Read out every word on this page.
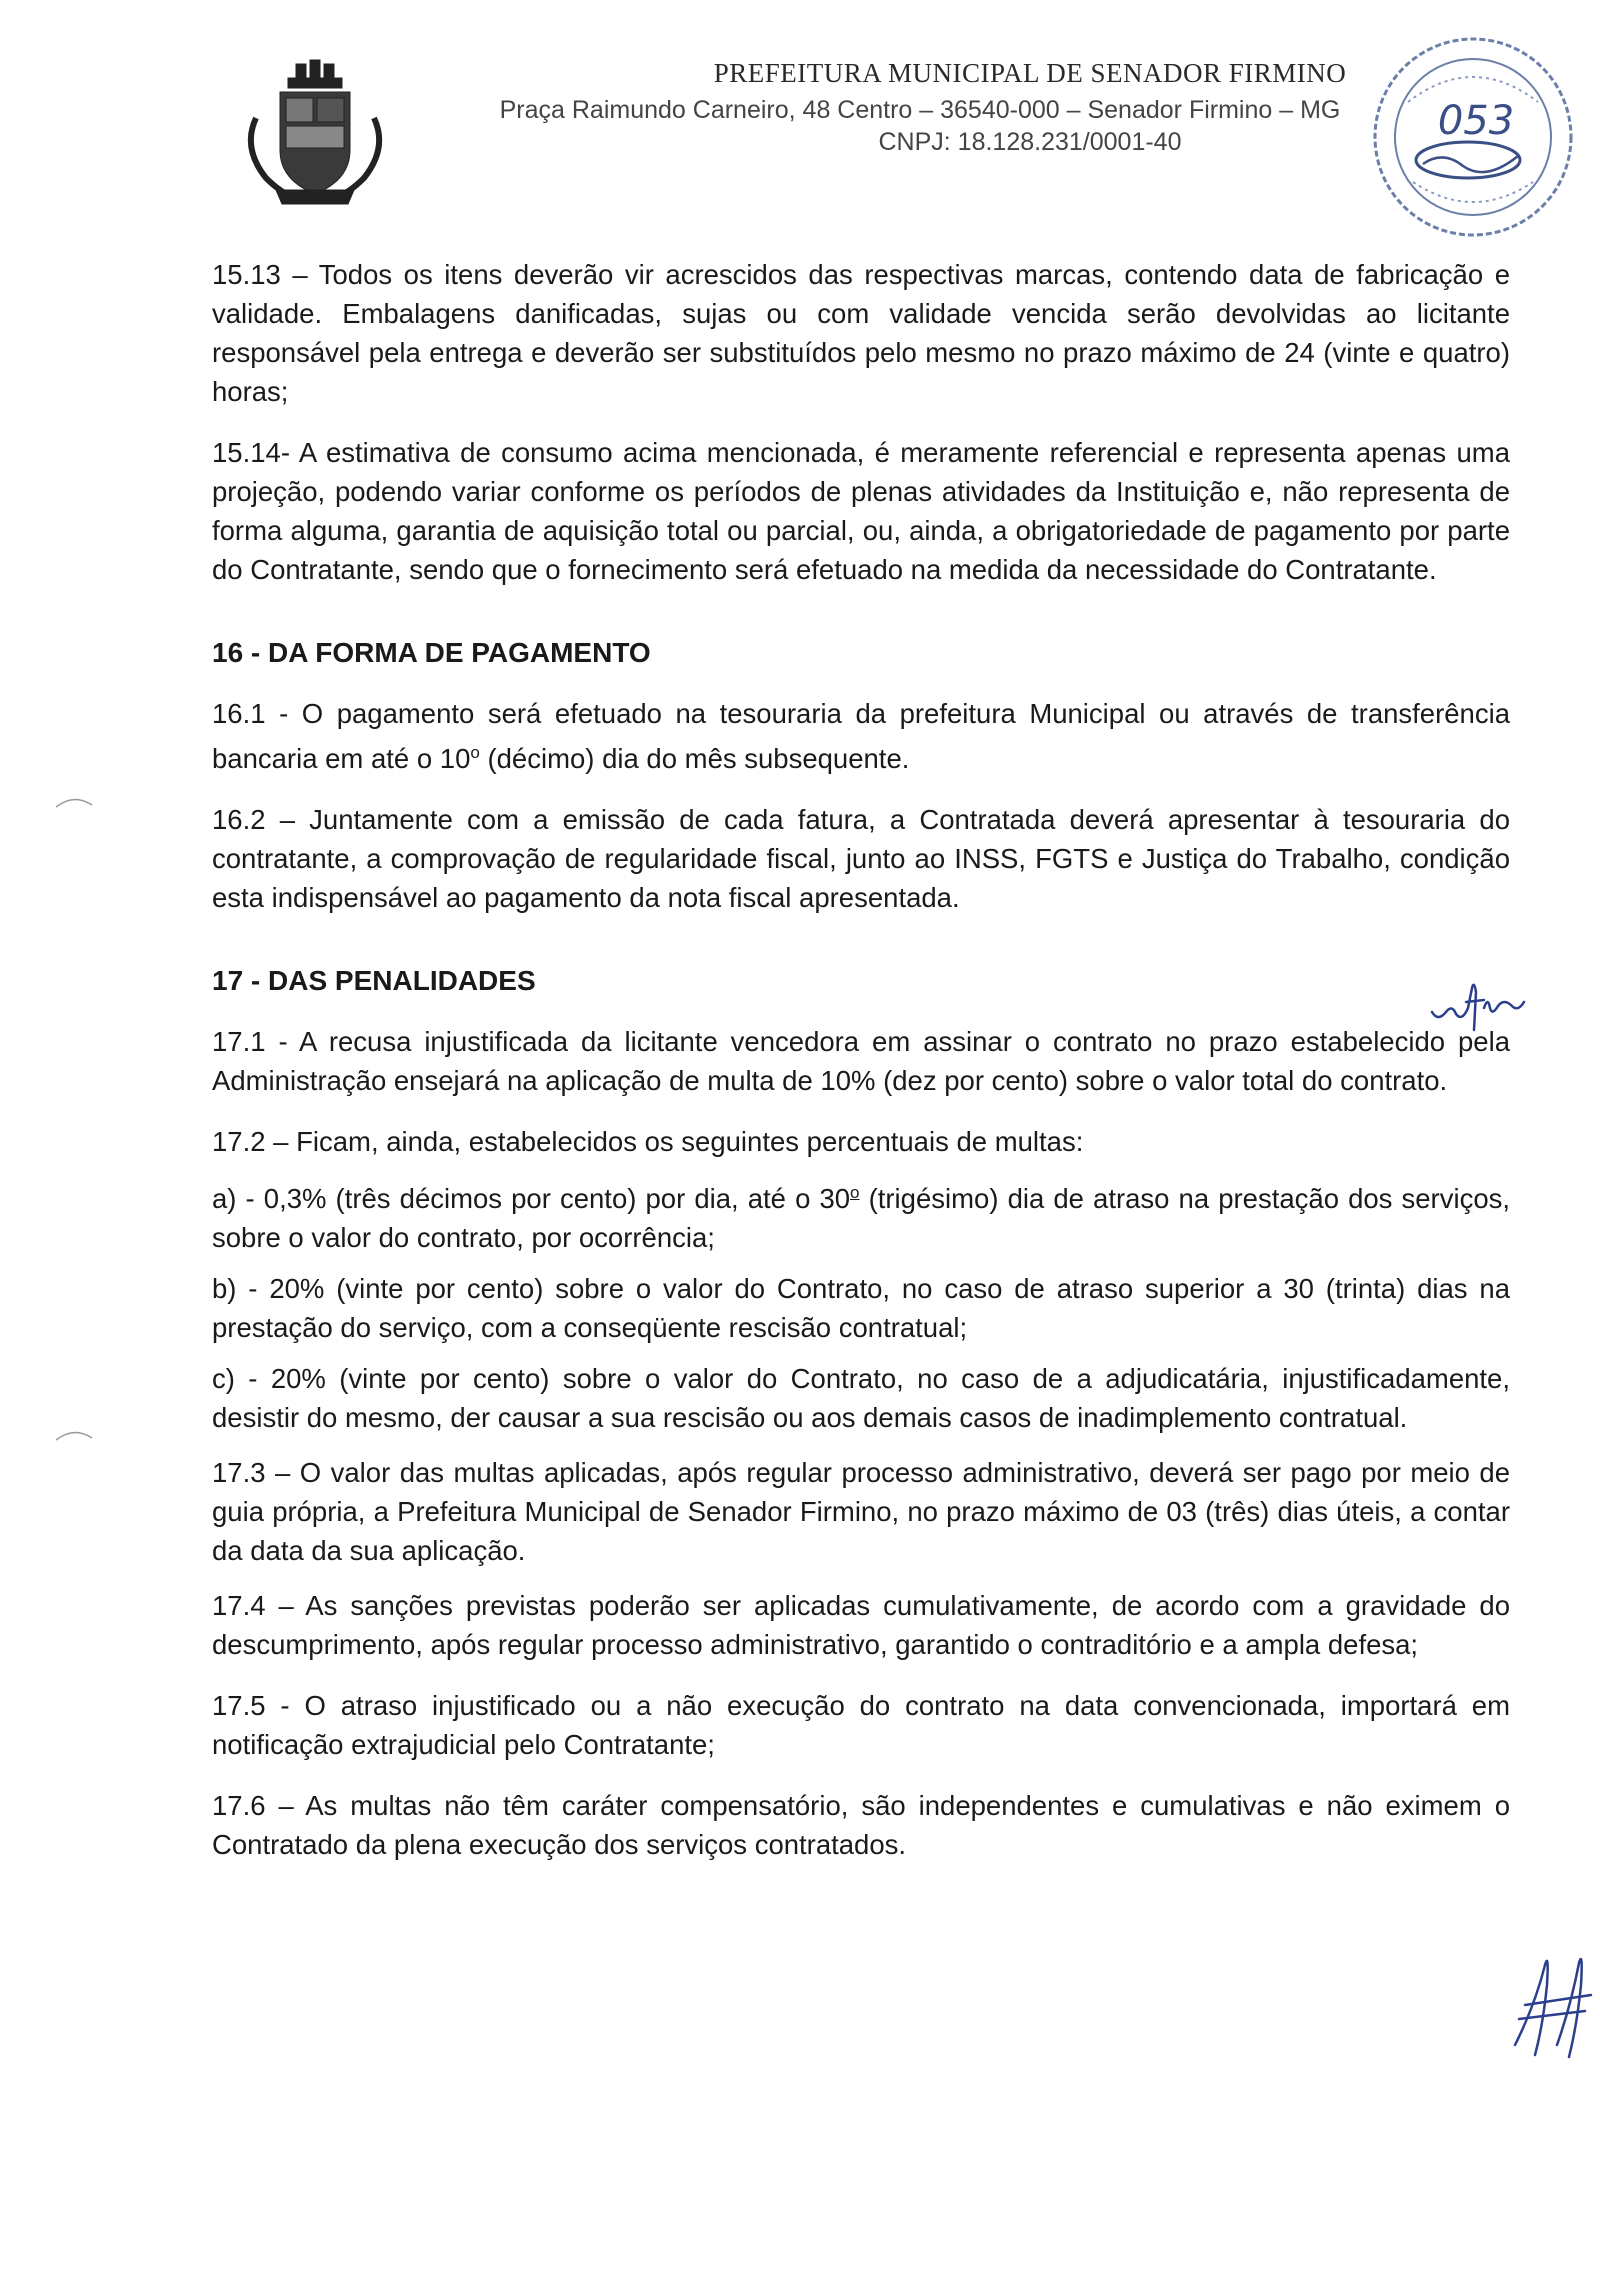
PREFEITURA MUNICIPAL DE SENADOR FIRMINO
Praça Raimundo Carneiro, 48 Centro – 36540-000 – Senador Firmino – MG
CNPJ: 18.128.231/0001-40	053

15.13 – Todos os itens deverão vir acrescidos das respectivas marcas, contendo data de fabricação e validade. Embalagens danificadas, sujas ou com validade vencida serão devolvidas ao licitante responsável pela entrega e deverão ser substituídos pelo mesmo no prazo máximo de 24 (vinte e quatro) horas;

15.14- A estimativa de consumo acima mencionada, é meramente referencial e representa apenas uma projeção, podendo variar conforme os períodos de plenas atividades da Instituição e, não representa de forma alguma, garantia de aquisição total ou parcial, ou, ainda, a obrigatoriedade de pagamento por parte do Contratante, sendo que o fornecimento será efetuado na medida da necessidade do Contratante.

16 - DA FORMA DE PAGAMENTO

16.1 - O pagamento será efetuado na tesouraria da prefeitura Municipal ou através de transferência bancaria em até o 10$^o$ (décimo) dia do mês subsequente.

16.2 – Juntamente com a emissão de cada fatura, a Contratada deverá apresentar à tesouraria do contratante, a comprovação de regularidade fiscal, junto ao INSS, FGTS e Justiça do Trabalho, condição esta indispensável ao pagamento da nota fiscal apresentada.

17 - DAS PENALIDADES

17.1 - A recusa injustificada da licitante vencedora em assinar o contrato no prazo estabelecido pela Administração ensejará na aplicação de multa de 10% (dez por cento) sobre o valor total do contrato.

17.2 – Ficam, ainda, estabelecidos os seguintes percentuais de multas:

a) - 0,3% (três décimos por cento) por dia, até o 30$^o$ (trigésimo) dia de atraso na prestação dos serviços, sobre o valor do contrato, por ocorrência;

b) - 20% (vinte por cento) sobre o valor do Contrato, no caso de atraso superior a 30 (trinta) dias na prestação do serviço, com a conseqüente rescisão contratual;

c) - 20% (vinte por cento) sobre o valor do Contrato, no caso de a adjudicatária, injustificadamente, desistir do mesmo, der causar a sua rescisão ou aos demais casos de inadimplemento contratual.

17.3 – O valor das multas aplicadas, após regular processo administrativo, deverá ser pago por meio de guia própria, a Prefeitura Municipal de Senador Firmino, no prazo máximo de 03 (três) dias úteis, a contar da data da sua aplicação.

17.4 – As sanções previstas poderão ser aplicadas cumulativamente, de acordo com a gravidade do descumprimento, após regular processo administrativo, garantido o contraditório e a ampla defesa;

17.5 - O atraso injustificado ou a não execução do contrato na data convencionada, importará em notificação extrajudicial pelo Contratante;

17.6 – As multas não têm caráter compensatório, são independentes e cumulativas e não eximem o Contratado da plena execução dos serviços contratados.
